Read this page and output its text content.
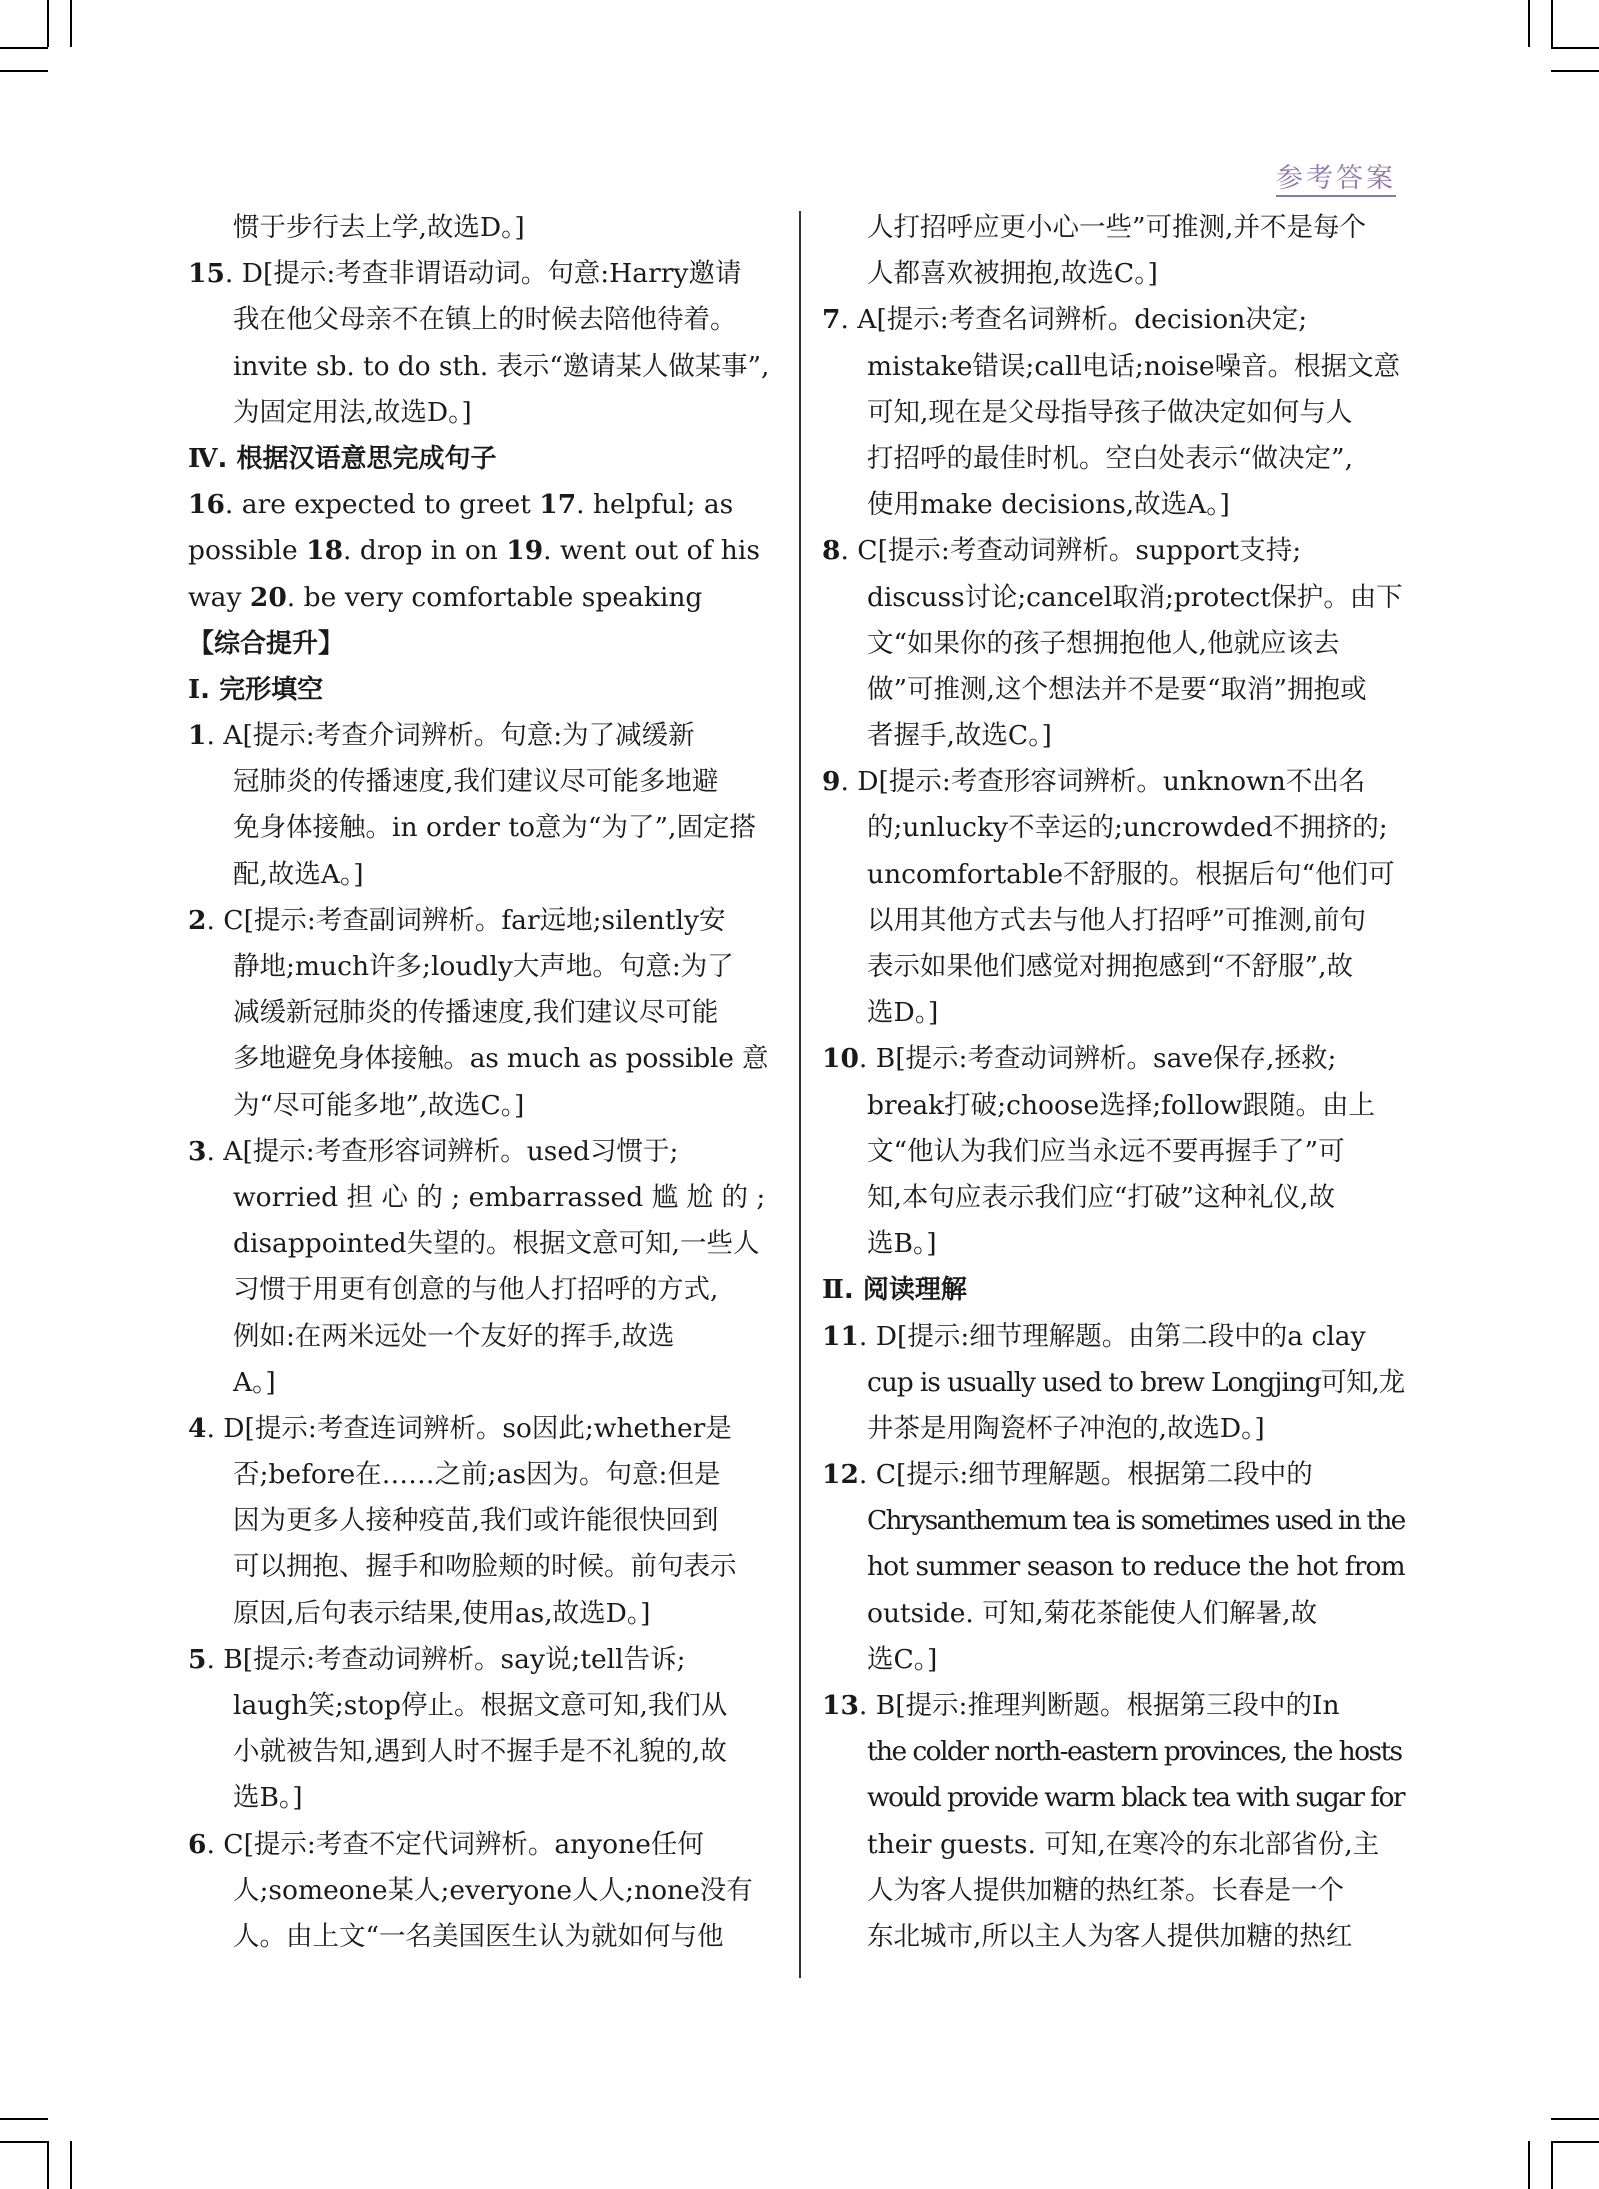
参考答案
惯于步行去上学,故选D。]
15. D[提示:考查非谓语动词。句意:Harry邀请
我在他父母亲不在镇上的时候去陪他待着。
invite sb. to do sth. 表示“邀请某人做某事”,
为固定用法,故选D。]
Ⅳ. 根据汉语意思完成句子
16. are expected to greet 17. helpful; as
possible 18. drop in on 19. went out of his
way 20. be very comfortable speaking
【综合提升】
Ⅰ. 完形填空
1. A[提示:考查介词辨析。句意:为了减缓新
冠肺炎的传播速度,我们建议尽可能多地避
免身体接触。in order to意为“为了”,固定搭
配,故选A。]
2. C[提示:考查副词辨析。far远地;silently安
静地;much许多;loudly大声地。句意:为了
减缓新冠肺炎的传播速度,我们建议尽可能
多地避免身体接触。as much as possible 意
为“尽可能多地”,故选C。]
3. A[提示:考查形容词辨析。used习惯于;
worried 担 心 的 ; embarrassed 尴 尬 的 ;
disappointed失望的。根据文意可知,一些人
习惯于用更有创意的与他人打招呼的方式,
例如:在两米远处一个友好的挥手,故选
A。]
4. D[提示:考查连词辨析。so因此;whether是
否;before在……之前;as因为。句意:但是
因为更多人接种疫苗,我们或许能很快回到
可以拥抱、握手和吻脸颊的时候。前句表示
原因,后句表示结果,使用as,故选D。]
5. B[提示:考查动词辨析。say说;tell告诉;
laugh笑;stop停止。根据文意可知,我们从
小就被告知,遇到人时不握手是不礼貌的,故
选B。]
6. C[提示:考查不定代词辨析。anyone任何
人;someone某人;everyone人人;none没有
人。由上文“一名美国医生认为就如何与他
人打招呼应更小心一些”可推测,并不是每个
人都喜欢被拥抱,故选C。]
7. A[提示:考查名词辨析。decision决定;
mistake错误;call电话;noise噪音。根据文意
可知,现在是父母指导孩子做决定如何与人
打招呼的最佳时机。空白处表示“做决定”,
使用make decisions,故选A。]
8. C[提示:考查动词辨析。support支持;
discuss讨论;cancel取消;protect保护。由下
文“如果你的孩子想拥抱他人,他就应该去
做”可推测,这个想法并不是要“取消”拥抱或
者握手,故选C。]
9. D[提示:考查形容词辨析。unknown不出名
的;unlucky不幸运的;uncrowded不拥挤的;
uncomfortable不舒服的。根据后句“他们可
以用其他方式去与他人打招呼”可推测,前句
表示如果他们感觉对拥抱感到“不舒服”,故
选D。]
10. B[提示:考查动词辨析。save保存,拯救;
break打破;choose选择;follow跟随。由上
文“他认为我们应当永远不要再握手了”可
知,本句应表示我们应“打破”这种礼仪,故
选B。]
Ⅱ. 阅读理解
11. D[提示:细节理解题。由第二段中的a clay
cup is usually used to brew Longjing可知,龙
井茶是用陶瓷杯子冲泡的,故选D。]
12. C[提示:细节理解题。根据第二段中的
Chrysanthemum tea is sometimes used in the
hot summer season to reduce the hot from
outside. 可知,菊花茶能使人们解暑,故
选C。]
13. B[提示:推理判断题。根据第三段中的In
the colder north-eastern provinces, the hosts
would provide warm black tea with sugar for
their guests. 可知,在寒冷的东北部省份,主
人为客人提供加糖的热红茶。长春是一个
东北城市,所以主人为客人提供加糖的热红
